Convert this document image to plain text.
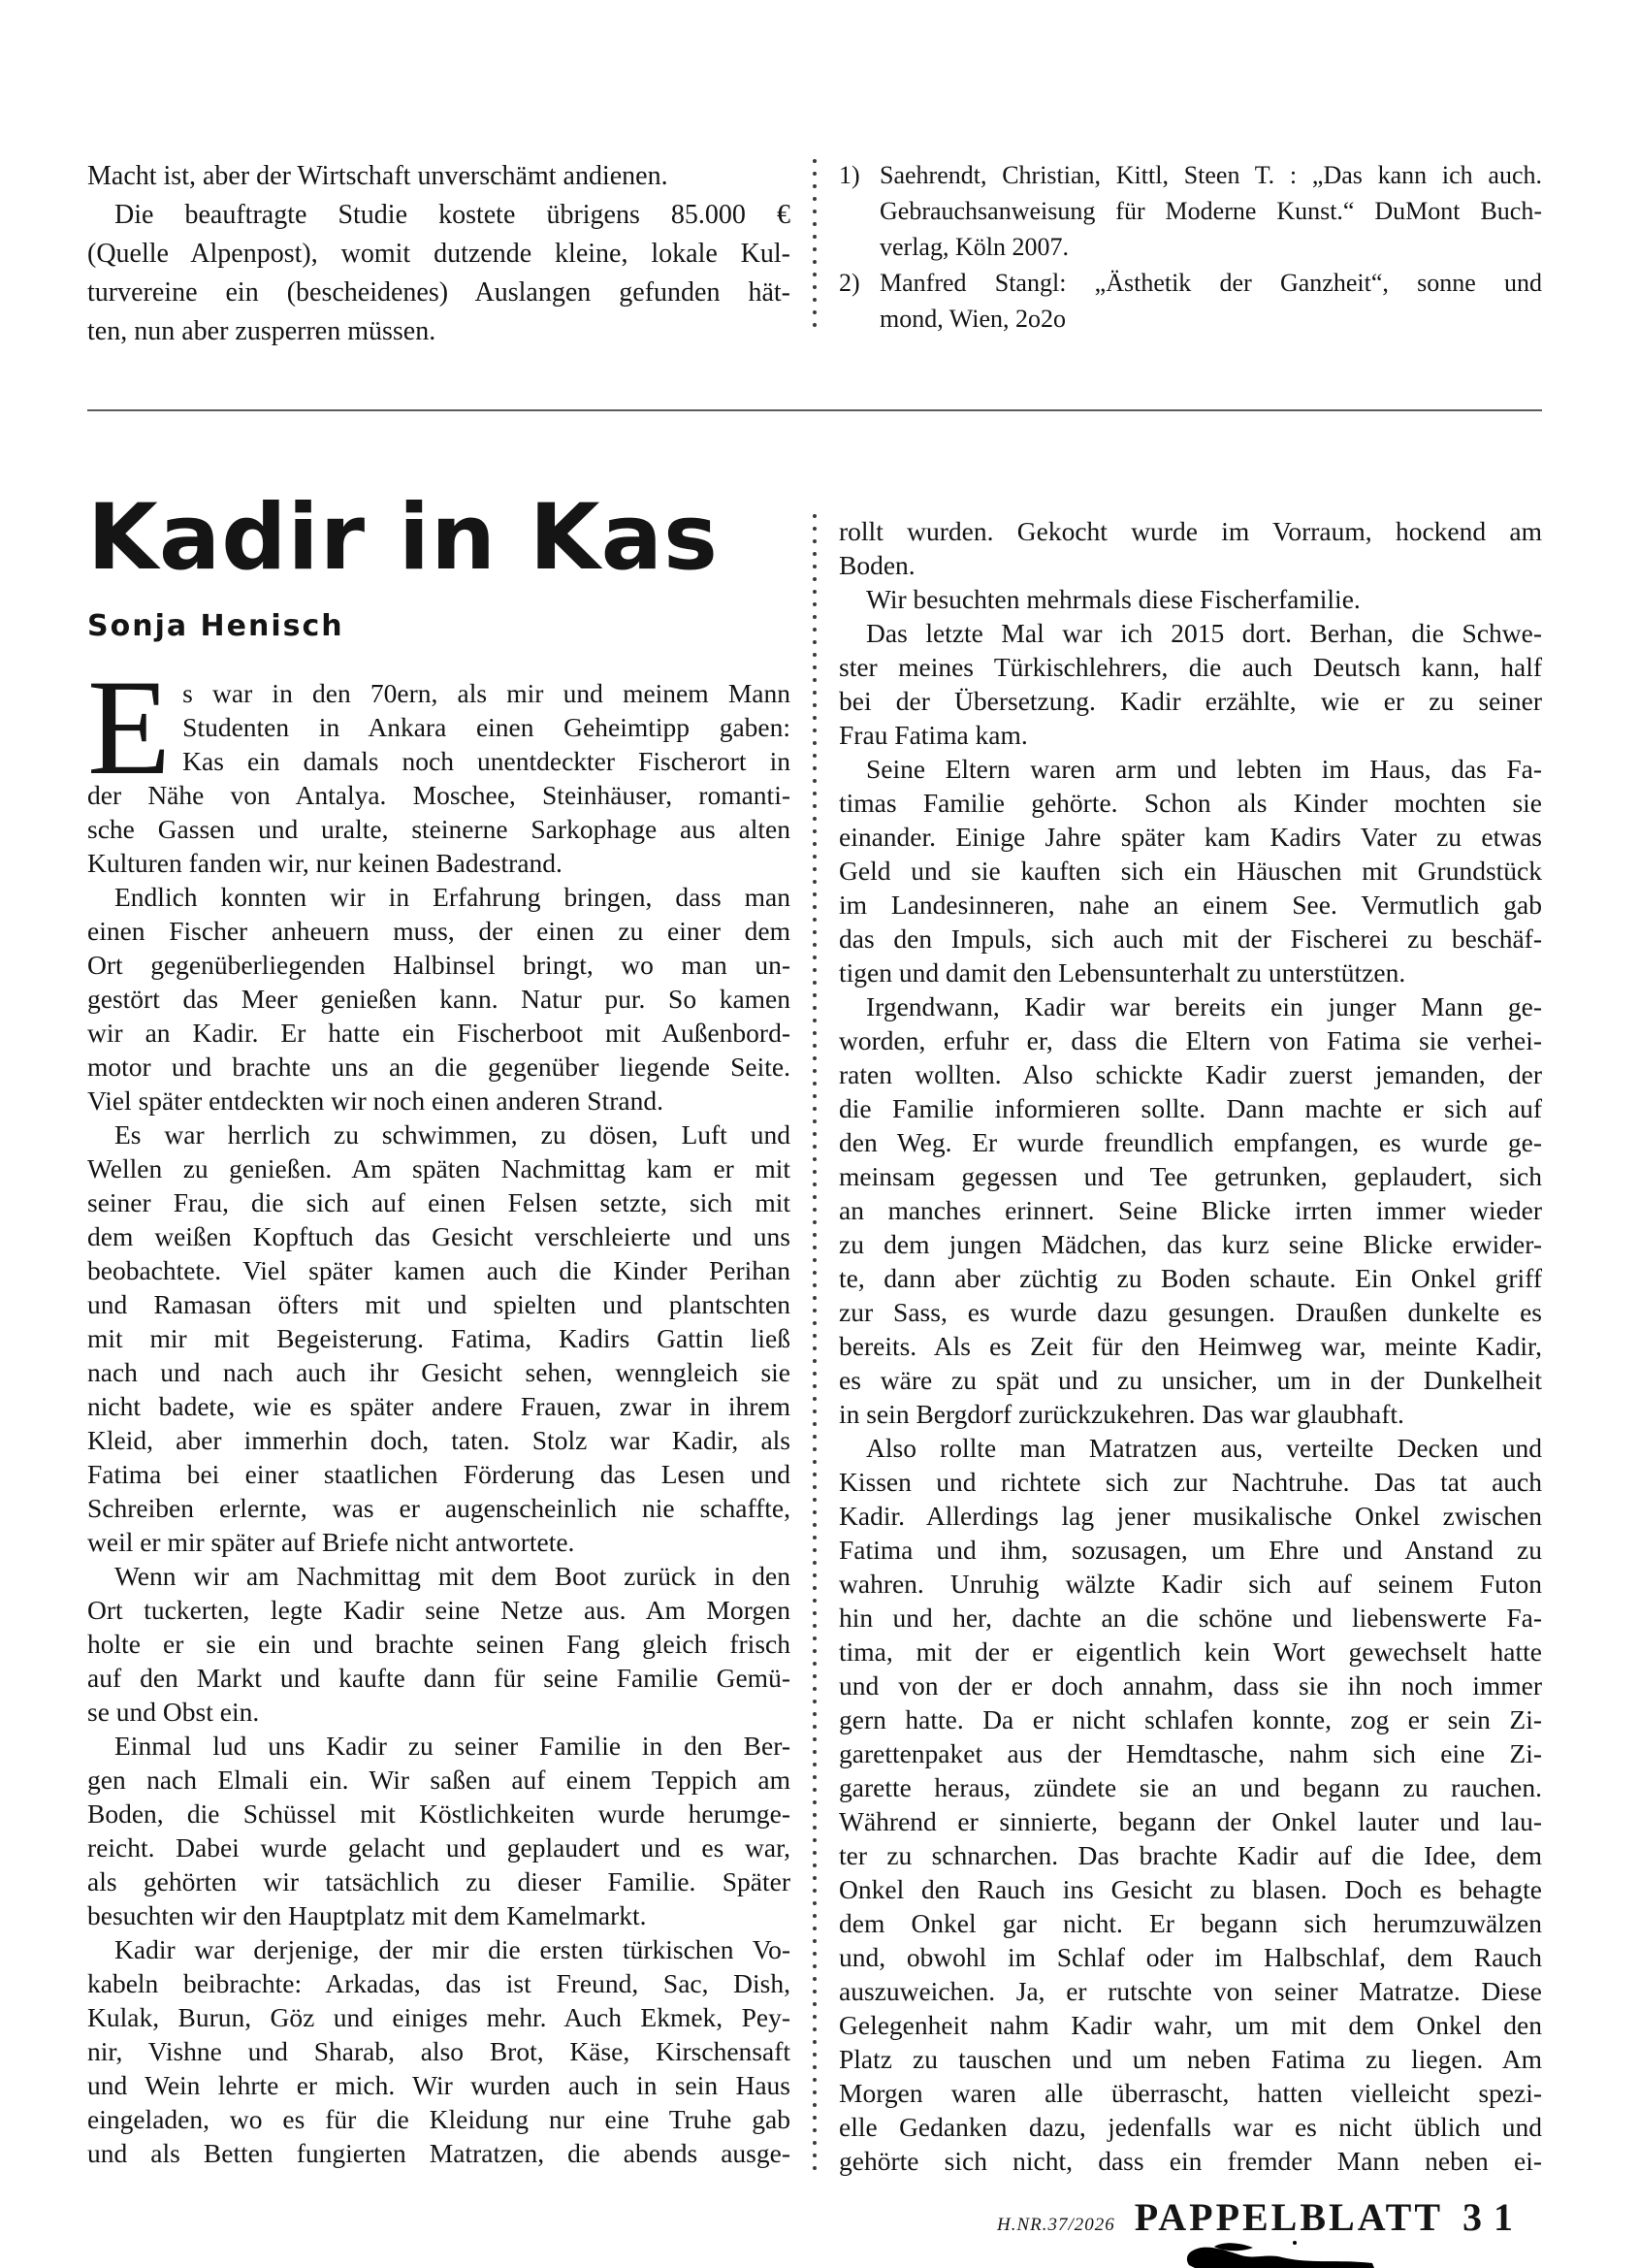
Macht ist, aber der Wirtschaft unverschämt andienen.
Die beauftragte Studie kostete übrigens 85.000 €
(Quelle Alpenpost), womit dutzende kleine, lokale Kul-
turvereine ein (bescheidenes) Auslangen gefunden hät-
ten, nun aber zusperren müssen.
1) Saehrendt, Christian, Kittl, Steen T. : „Das kann ich auch.
Gebrauchsanweisung für Moderne Kunst.“ DuMont Buch-
verlag, Köln 2007.
2) Manfred Stangl: „Ästhetik der Ganzheit“, sonne und
mond, Wien, 2o2o
Kadir in Kas
Sonja Henisch
E s war in den 70ern, als mir und meinem Mann
Studenten in Ankara einen Geheimtipp gaben:
Kas ein damals noch unentdeckter Fischerort in
der Nähe von Antalya. Moschee, Steinhäuser, romanti-
sche Gassen und uralte, steinerne Sarkophage aus alten
Kulturen fanden wir, nur keinen Badestrand.
Endlich konnten wir in Erfahrung bringen, dass man
einen Fischer anheuern muss, der einen zu einer dem
Ort gegenüberliegenden Halbinsel bringt, wo man un-
gestört das Meer genießen kann. Natur pur. So kamen
wir an Kadir. Er hatte ein Fischerboot mit Außenbord-
motor und brachte uns an die gegenüber liegende Seite.
Viel später entdeckten wir noch einen anderen Strand.
Es war herrlich zu schwimmen, zu dösen, Luft und
Wellen zu genießen. Am späten Nachmittag kam er mit
seiner Frau, die sich auf einen Felsen setzte, sich mit
dem weißen Kopftuch das Gesicht verschleierte und uns
beobachtete. Viel später kamen auch die Kinder Perihan
und Ramasan öfters mit und spielten und plantschten
mit mir mit Begeisterung. Fatima, Kadirs Gattin ließ
nach und nach auch ihr Gesicht sehen, wenngleich sie
nicht badete, wie es später andere Frauen, zwar in ihrem
Kleid, aber immerhin doch, taten. Stolz war Kadir, als
Fatima bei einer staatlichen Förderung das Lesen und
Schreiben erlernte, was er augenscheinlich nie schaffte,
weil er mir später auf Briefe nicht antwortete.
Wenn wir am Nachmittag mit dem Boot zurück in den
Ort tuckerten, legte Kadir seine Netze aus. Am Morgen
holte er sie ein und brachte seinen Fang gleich frisch
auf den Markt und kaufte dann für seine Familie Gemü-
se und Obst ein.
Einmal lud uns Kadir zu seiner Familie in den Ber-
gen nach Elmali ein. Wir saßen auf einem Teppich am
Boden, die Schüssel mit Köstlichkeiten wurde herumge-
reicht. Dabei wurde gelacht und geplaudert und es war,
als gehörten wir tatsächlich zu dieser Familie. Später
besuchten wir den Hauptplatz mit dem Kamelmarkt.
Kadir war derjenige, der mir die ersten türkischen Vo-
kabeln beibrachte: Arkadas, das ist Freund, Sac, Dish,
Kulak, Burun, Göz und einiges mehr. Auch Ekmek, Pey-
nir, Vishne und Sharab, also Brot, Käse, Kirschensaft
und Wein lehrte er mich. Wir wurden auch in sein Haus
eingeladen, wo es für die Kleidung nur eine Truhe gab
und als Betten fungierten Matratzen, die abends ausge-
rollt wurden. Gekocht wurde im Vorraum, hockend am
Boden.
Wir besuchten mehrmals diese Fischerfamilie.
Das letzte Mal war ich 2015 dort. Berhan, die Schwe-
ster meines Türkischlehrers, die auch Deutsch kann, half
bei der Übersetzung. Kadir erzählte, wie er zu seiner
Frau Fatima kam.
Seine Eltern waren arm und lebten im Haus, das Fa-
timas Familie gehörte. Schon als Kinder mochten sie
einander. Einige Jahre später kam Kadirs Vater zu etwas
Geld und sie kauften sich ein Häuschen mit Grundstück
im Landesinneren, nahe an einem See. Vermutlich gab
das den Impuls, sich auch mit der Fischerei zu beschäf-
tigen und damit den Lebensunterhalt zu unterstützen.
Irgendwann, Kadir war bereits ein junger Mann ge-
worden, erfuhr er, dass die Eltern von Fatima sie verhei-
raten wollten. Also schickte Kadir zuerst jemanden, der
die Familie informieren sollte. Dann machte er sich auf
den Weg. Er wurde freundlich empfangen, es wurde ge-
meinsam gegessen und Tee getrunken, geplaudert, sich
an manches erinnert. Seine Blicke irrten immer wieder
zu dem jungen Mädchen, das kurz seine Blicke erwider-
te, dann aber züchtig zu Boden schaute. Ein Onkel griff
zur Sass, es wurde dazu gesungen. Draußen dunkelte es
bereits. Als es Zeit für den Heimweg war, meinte Kadir,
es wäre zu spät und zu unsicher, um in der Dunkelheit
in sein Bergdorf zurückzukehren. Das war glaubhaft.
Also rollte man Matratzen aus, verteilte Decken und
Kissen und richtete sich zur Nachtruhe. Das tat auch
Kadir. Allerdings lag jener musikalische Onkel zwischen
Fatima und ihm, sozusagen, um Ehre und Anstand zu
wahren. Unruhig wälzte Kadir sich auf seinem Futon
hin und her, dachte an die schöne und liebenswerte Fa-
tima, mit der er eigentlich kein Wort gewechselt hatte
und von der er doch annahm, dass sie ihn noch immer
gern hatte. Da er nicht schlafen konnte, zog er sein Zi-
garettenpaket aus der Hemdtasche, nahm sich eine Zi-
garette heraus, zündete sie an und begann zu rauchen.
Während er sinnierte, begann der Onkel lauter und lau-
ter zu schnarchen. Das brachte Kadir auf die Idee, dem
Onkel den Rauch ins Gesicht zu blasen. Doch es behagte
dem Onkel gar nicht. Er begann sich herumzuwälzen
und, obwohl im Schlaf oder im Halbschlaf, dem Rauch
auszuweichen. Ja, er rutschte von seiner Matratze. Diese
Gelegenheit nahm Kadir wahr, um mit dem Onkel den
Platz zu tauschen und um neben Fatima zu liegen. Am
Morgen waren alle überrascht, hatten vielleicht spezi-
elle Gedanken dazu, jedenfalls war es nicht üblich und
gehörte sich nicht, dass ein fremder Mann neben ei-
H.NR.37/2026 PAPPELBLATT 31
